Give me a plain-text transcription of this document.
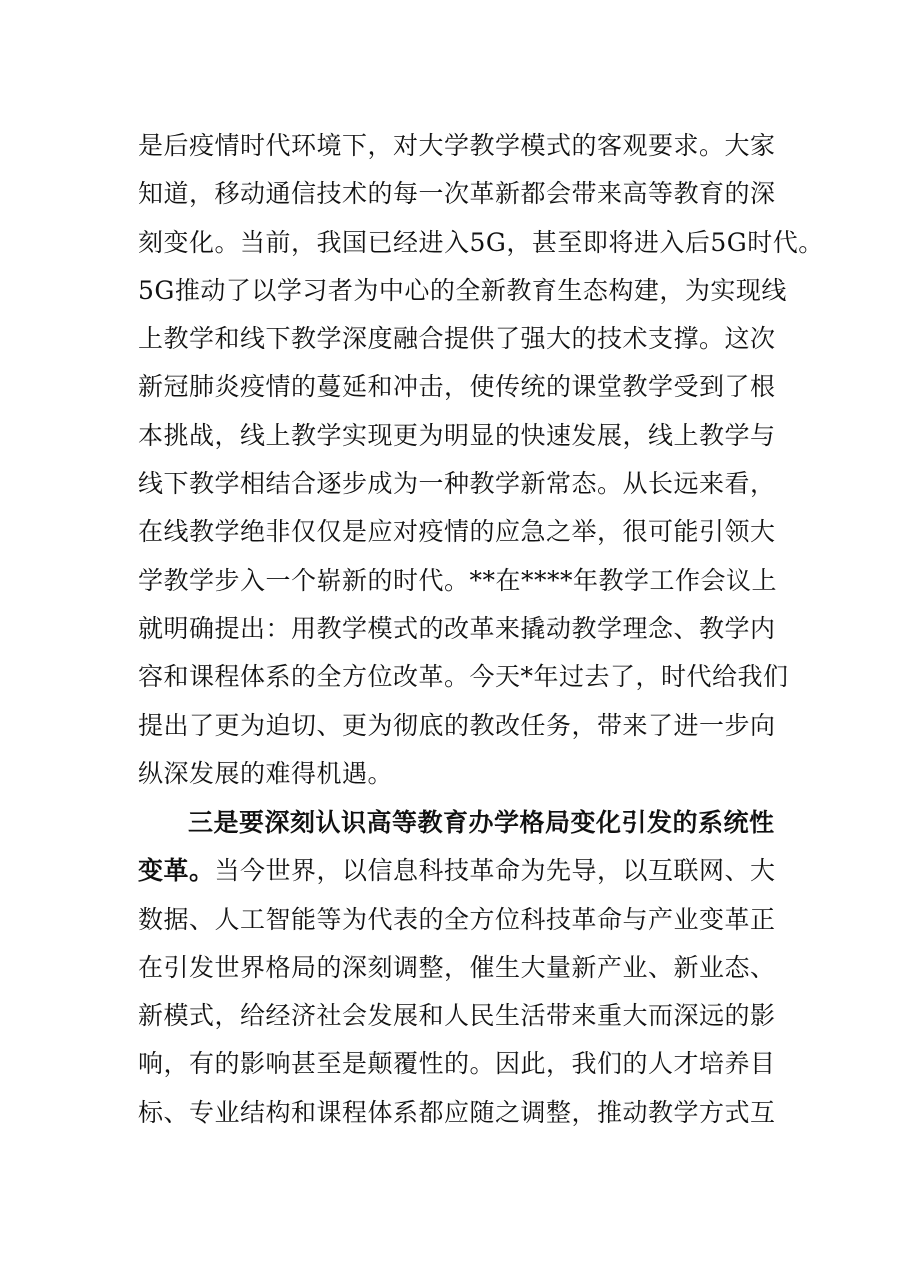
是后疫情时代环境下，对大学教学模式的客观要求。大家
知道，移动通信技术的每一次革新都会带来高等教育的深
刻变化。当前，我国已经进入5G，甚至即将进入后5G时代。
5G推动了以学习者为中心的全新教育生态构建，为实现线
上教学和线下教学深度融合提供了强大的技术支撑。这次
新冠肺炎疫情的蔓延和冲击，使传统的课堂教学受到了根
本挑战，线上教学实现更为明显的快速发展，线上教学与
线下教学相结合逐步成为一种教学新常态。从长远来看，
在线教学绝非仅仅是应对疫情的应急之举，很可能引领大
学教学步入一个崭新的时代。**在****年教学工作会议上
就明确提出：用教学模式的改革来撬动教学理念、教学内
容和课程体系的全方位改革。今天*年过去了，时代给我们
提出了更为迫切、更为彻底的教改任务，带来了进一步向
纵深发展的难得机遇。
三是要深刻认识高等教育办学格局变化引发的系统性
变革。当今世界，以信息科技革命为先导，以互联网、大
数据、人工智能等为代表的全方位科技革命与产业变革正
在引发世界格局的深刻调整，催生大量新产业、新业态、
新模式，给经济社会发展和人民生活带来重大而深远的影
响，有的影响甚至是颠覆性的。因此，我们的人才培养目
标、专业结构和课程体系都应随之调整，推动教学方式互
